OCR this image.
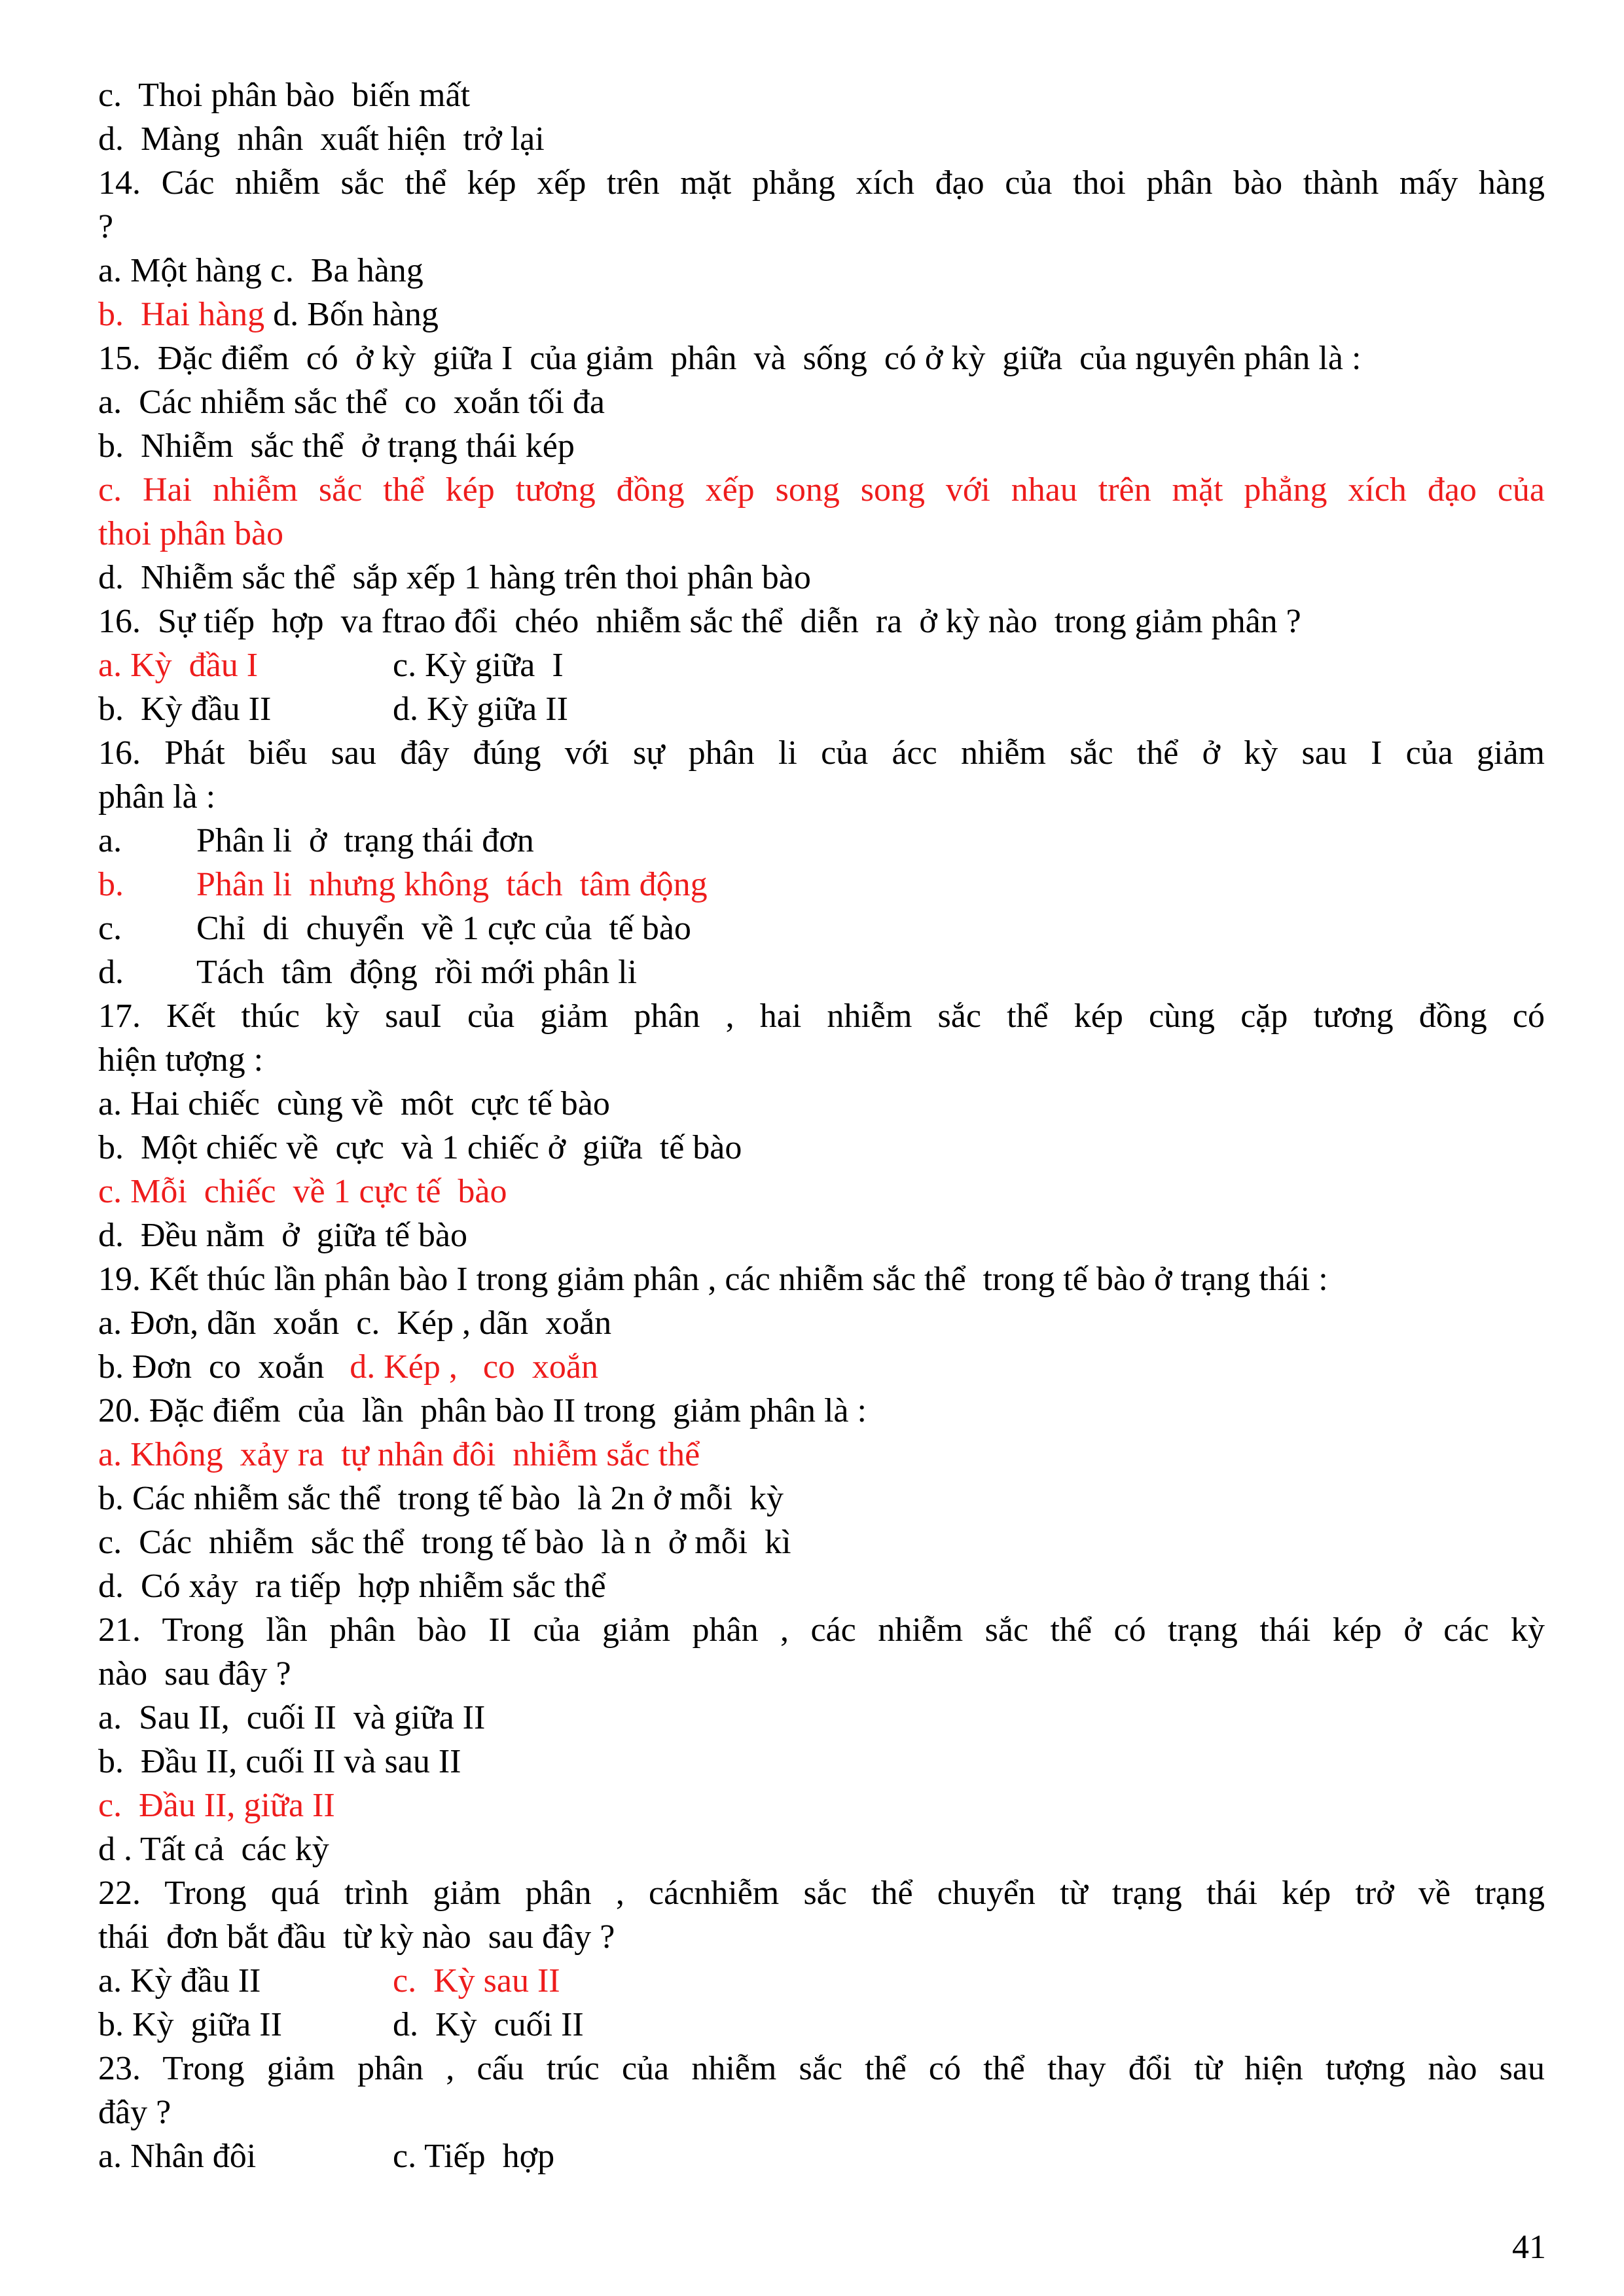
c.  Thoi phân bào  biến mất
d.  Màng  nhân  xuất hiện  trở lại
14. Các nhiễm sắc thể kép xếp trên mặt phẳng xích đạo của thoi phân bào thành mấy hàng
?
a. Một hàng c.  Ba hàng
b.  Hai hàng d. Bốn hàng
15.  Đặc điểm  có  ở kỳ  giữa I  của giảm  phân  và  sống  có ở kỳ  giữa  của nguyên phân là :
a.  Các nhiễm sắc thể  co  xoắn tối đa
b.  Nhiễm  sắc thể  ở trạng thái kép
c. Hai nhiễm sắc thể kép tương đồng xếp song song với nhau trên mặt phẳng xích đạo của
thoi phân bào
d.  Nhiễm sắc thể  sắp xếp 1 hàng trên thoi phân bào
16.  Sự tiếp  hợp  va ftrao đổi  chéo  nhiễm sắc thể  diễn  ra  ở kỳ nào  trong giảm phân ?
a. Kỳ  đầu I	c. Kỳ giữa  I
b.  Kỳ đầu II	d. Kỳ giữa II
16. Phát biểu sau đây đúng với sự phân li của ácc nhiễm sắc thể ở kỳ sau I của giảm
phân là :
a.	Phân li  ở  trạng thái đơn
b.	Phân li  nhưng không  tách  tâm động
c.	Chỉ  di  chuyển  về 1 cực của  tế bào
d.	Tách  tâm  động  rồi mới phân li
17. Kết thúc kỳ sauI của giảm phân , hai nhiễm sắc thể kép cùng cặp tương đồng có
hiện tượng :
a. Hai chiếc  cùng về  môt  cực tế bào
b.  Một chiếc về  cực  và 1 chiếc ở  giữa  tế bào
c. Mỗi  chiếc  về 1 cực tế  bào
d.  Đều nằm  ở  giữa tế bào
19. Kết thúc lần phân bào I trong giảm phân , các nhiễm sắc thể  trong tế bào ở trạng thái :
a. Đơn, dãn  xoắn  c.  Kép , dãn  xoắn
b. Đơn  co  xoắn   d. Kép ,   co  xoắn
20. Đặc điểm  của  lần  phân bào II trong  giảm phân là :
a. Không  xảy ra  tự nhân đôi  nhiễm sắc thể
b. Các nhiễm sắc thể  trong tế bào  là 2n ở mỗi  kỳ
c.  Các  nhiễm  sắc thể  trong tế bào  là n  ở mỗi  kì
d.  Có xảy  ra tiếp  hợp nhiễm sắc thể
21. Trong lần phân bào II của giảm phân , các nhiễm sắc thể có trạng thái kép ở các kỳ
nào  sau đây ?
a.  Sau II,  cuối II  và giữa II
b.  Đầu II, cuối II và sau II
c.  Đầu II, giữa II
d . Tất cả  các kỳ
22. Trong quá trình giảm phân , cácnhiễm sắc thể chuyển từ trạng thái kép trở về trạng
thái  đơn bắt đầu  từ kỳ nào  sau đây ?
a. Kỳ đầu II	c.  Kỳ sau II
b. Kỳ  giữa II	d.  Kỳ  cuối II
23. Trong giảm phân , cấu trúc của nhiễm sắc thể có thể thay đổi từ hiện tượng nào sau
đây ?
a. Nhân đôi	c. Tiếp  hợp
41
